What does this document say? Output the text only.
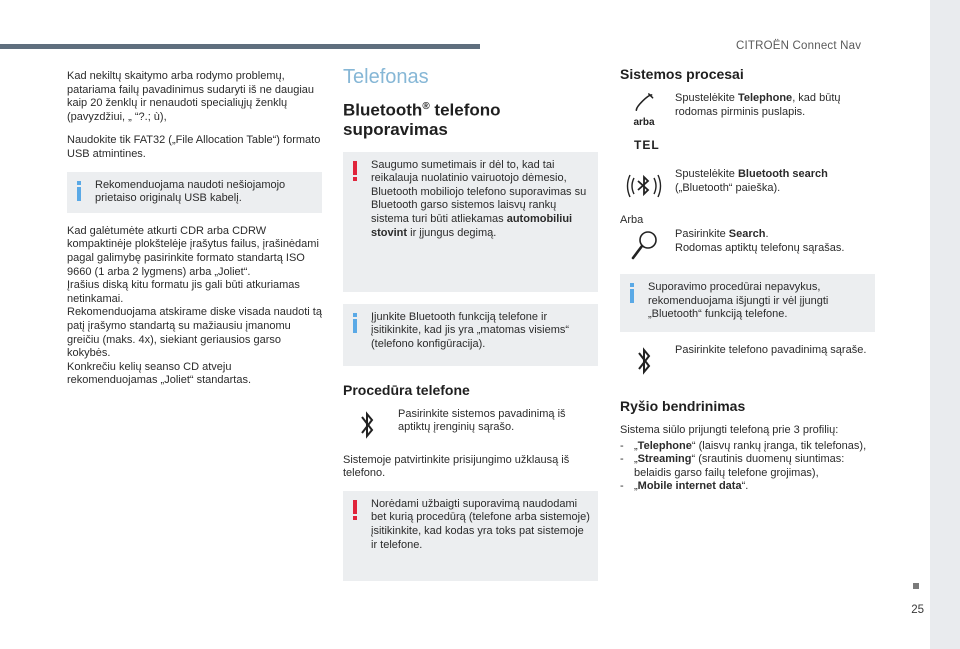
CITROËN Connect Nav
25

Kad nekiltų skaitymo arba rodymo problemų, patariama failų pavadinimus sudaryti iš ne daugiau kaip 20 ženklų ir nenaudoti specialiųjų ženklų (pavyzdžiui, „ “?.; ù),

Naudokite tik FAT32 („File Allocation Table“) formato USB atmintines.

Rekomenduojama naudoti nešiojamojo prietaiso originalų USB kabelį.

Kad galėtumėte atkurti CDR arba CDRW kompaktinėje plokštelėje įrašytus failus, įrašinėdami pagal galimybę pasirinkite formato standartą ISO 9660 (1 arba 2 lygmens) arba „Joliet“.
Įrašius diską kitu formatu jis gali būti atkuriamas netinkamai.
Rekomenduojama atskirame diske visada naudoti tą patį įrašymo standartą su mažiausiu įmanomu greičiu (maks. 4x), siekiant geriausios garso kokybės.
Konkrečiu kelių seanso CD atveju rekomenduojamas „Joliet“ standartas.

Telefonas
Bluetooth® telefono suporavimas

Saugumo sumetimais ir dėl to, kad tai reikalauja nuolatinio vairuotojo dėmesio, Bluetooth mobiliojo telefono suporavimas su Bluetooth garso sistemos laisvų rankų sistema turi būti atliekamas automobiliui stovint ir įjungus degimą.

Įjunkite Bluetooth funkciją telefone ir įsitikinkite, kad jis yra „matomas visiems“ (telefono konfigūracija).

Procedūra telefone

Pasirinkite sistemos pavadinimą iš aptiktų įrenginių sąrašo.

Sistemoje patvirtinkite prisijungimo užklausą iš telefono.

Norėdami užbaigti suporavimą naudodami bet kurią procedūrą (telefone arba sistemoje) įsitikinkite, kad kodas yra toks pat sistemoje ir telefone.

Sistemos procesai
arba

Spustelėkite Telephone, kad būtų rodomas pirminis puslapis.

TEL

Spustelėkite Bluetooth search
(„Bluetooth“ paieška).

Arba

Pasirinkite Search.
Rodomas aptiktų telefonų sąrašas.

Suporavimo procedūrai nepavykus, rekomenduojama išjungti ir vėl įjungti „Bluetooth“ funkciją telefone.

Pasirinkite telefono pavadinimą sąraše.

Ryšio bendrinimas

Sistema siūlo prijungti telefoną prie 3 profilių:

- „Telephone“ (laisvų rankų įranga, tik telefonas),
- „Streaming“ (srautinis duomenų siuntimas: belaidis garso failų telefone grojimas),
- „Mobile internet data“.
